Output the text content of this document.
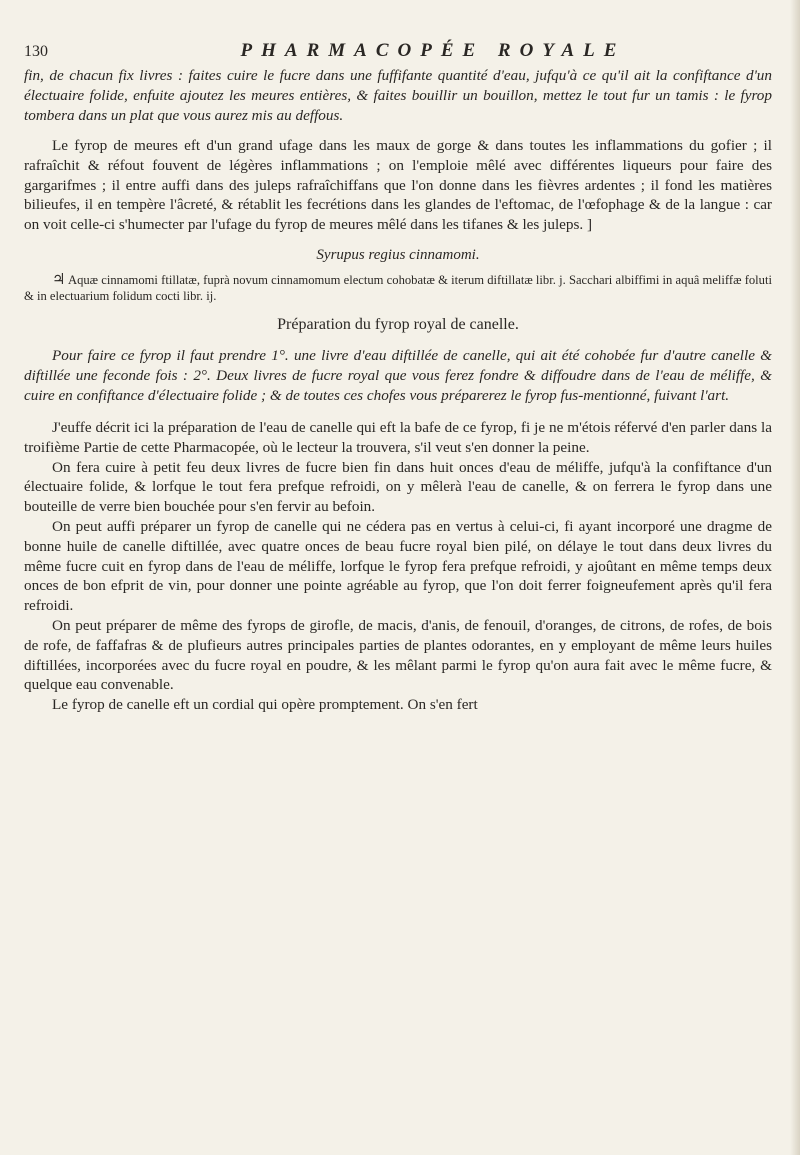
130	PHARMACOPÉE ROYALE

fin, de chacun fix livres : faites cuire le fucre dans une fuffifante quantité d'eau, jufqu'à ce qu'il ait la confiftance d'un électuaire folide, enfuite ajoutez les meures entières, & faites bouillir un bouillon, mettez le tout fur un tamis : le fyrop tombera dans un plat que vous aurez mis au deffous.

Le fyrop de meures eft d'un grand ufage dans les maux de gorge & dans toutes les inflammations du gofier ; il rafraîchit & réfout fouvent de légères inflammations ; on l'emploie mêlé avec différentes liqueurs pour faire des gargarifmes ; il entre auffi dans des juleps rafraîchiffans que l'on donne dans les fièvres ardentes ; il fond les matières bilieufes, il en tempère l'âcreté, & rétablit les fecrétions dans les glandes de l'eftomac, de l'œfophage & de la langue : car on voit celle-ci s'humecter par l'ufage du fyrop de meures mêlé dans les tifanes & les juleps. ]

Syrupus regius cinnamomi.

♃ Aquæ cinnamomi ftillatæ, fuprà novum cinnamomum electum cohobatæ & iterum diftillatæ libr. j. Sacchari albiffimi in aquâ meliffæ foluti & in electuarium folidum cocti libr. ij.

Préparation du fyrop royal de canelle.

Pour faire ce fyrop il faut prendre 1°. une livre d'eau diftillée de canelle, qui ait été cohobée fur d'autre canelle & diftillée une feconde fois : 2°. Deux livres de fucre royal que vous ferez fondre & diffoudre dans de l'eau de méliffe, & cuire en confiftance d'électuaire folide ; & de toutes ces chofes vous préparerez le fyrop fus-mentionné, fuivant l'art.

J'euffe décrit ici la préparation de l'eau de canelle qui eft la bafe de ce fyrop, fi je ne m'étois réfervé d'en parler dans la troifième Partie de cette Pharmacopée, où le lecteur la trouvera, s'il veut s'en donner la peine.

On fera cuire à petit feu deux livres de fucre bien fin dans huit onces d'eau de méliffe, jufqu'à la confiftance d'un électuaire folide, & lorfque le tout fera prefque refroidi, on y mêlerà l'eau de canelle, & on ferrera le fyrop dans une bouteille de verre bien bouchée pour s'en fervir au befoin.

On peut auffi préparer un fyrop de canelle qui ne cédera pas en vertus à celui-ci, fi ayant incorporé une dragme de bonne huile de canelle diftillée, avec quatre onces de beau fucre royal bien pilé, on délaye le tout dans deux livres du même fucre cuit en fyrop dans de l'eau de méliffe, lorfque le fyrop fera prefque refroidi, y ajoûtant en même temps deux onces de bon efprit de vin, pour donner une pointe agréable au fyrop, que l'on doit ferrer foigneufement après qu'il fera refroidi.

On peut préparer de même des fyrops de girofle, de macis, d'anis, de fenouil, d'oranges, de citrons, de rofes, de bois de rofe, de faffafras & de plufieurs autres principales parties de plantes odorantes, en y employant de même leurs huiles diftillées, incorporées avec du fucre royal en poudre, & les mêlant parmi le fyrop qu'on aura fait avec le même fucre, & quelque eau convenable.

Le fyrop de canelle eft un cordial qui opère promptement. On s'en fert
